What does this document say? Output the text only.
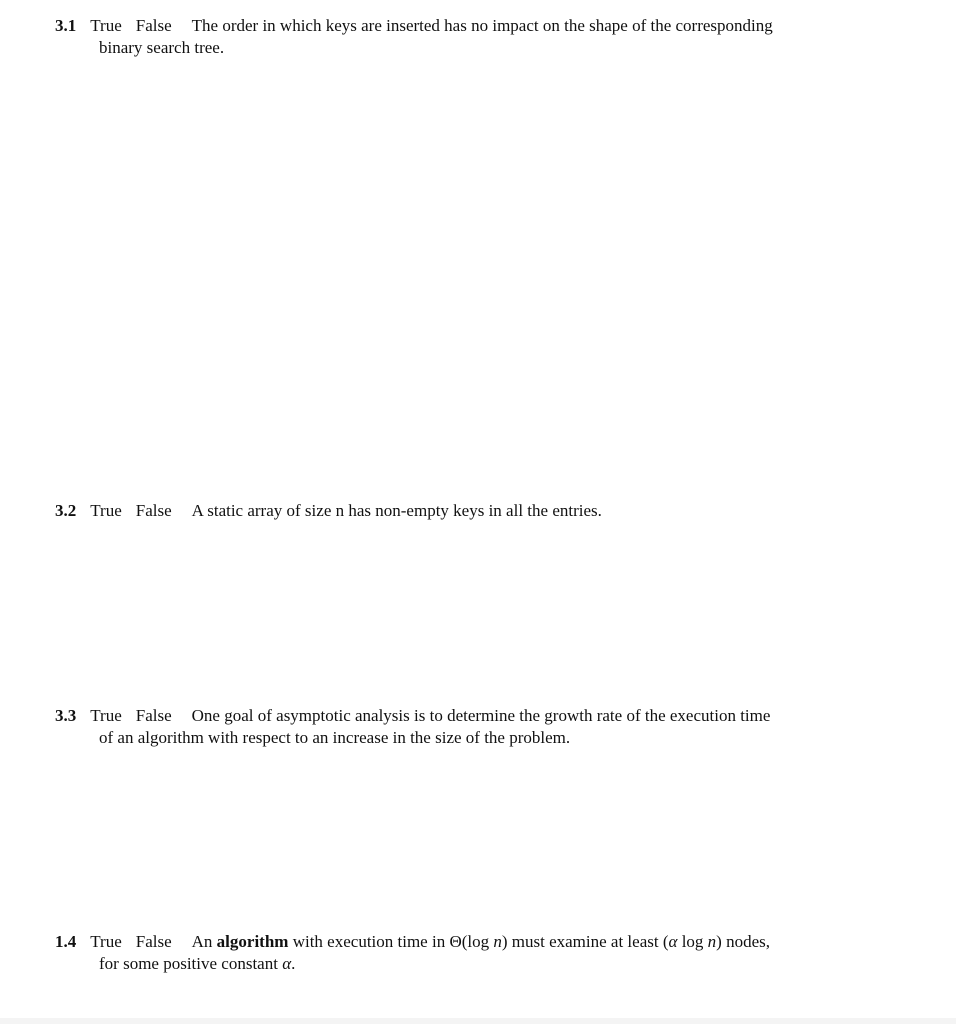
3.1 True False The order in which keys are inserted has no impact on the shape of the corresponding
binary search tree.
3.2 True False A static array of size n has non-empty keys in all the entries.
3.3 True False One goal of asymptotic analysis is to determine the growth rate of the execution time
of an algorithm with respect to an increase in the size of the problem.
1.4 True False An algorithm with execution time in Θ(log n) must examine at least (α log n) nodes,
for some positive constant α.
